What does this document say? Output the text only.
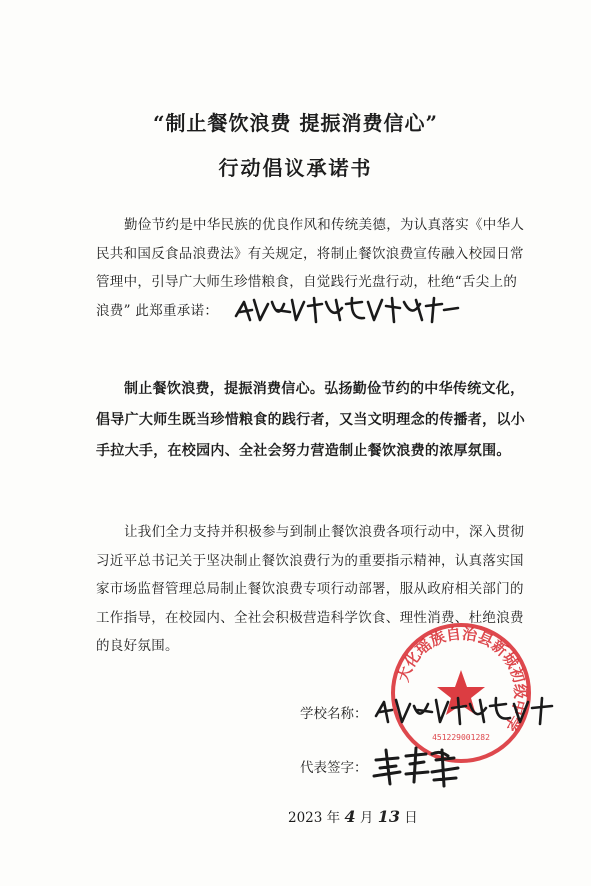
“制止餐饮浪费 提振消费信心”
行动倡议承诺书

勤俭节约是中华民族的优良作风和传统美德，为认真落实《中华人民共和国反食品浪费法》有关规定，将制止餐饮浪费宣传融入校园日常管理中，引导广大师生珍惜粮食，自觉践行光盘行动，杜绝“舌尖上的浪费” 此郑重承诺：

制止餐饮浪费，提振消费信心。弘扬勤俭节约的中华传统文化，倡导广大师生既当珍惜粮食的践行者，又当文明理念的传播者，以小手拉大手，在校园内、全社会努力营造制止餐饮浪费的浓厚氛围。

让我们全力支持并积极参与到制止餐饮浪费各项行动中，深入贯彻习近平总书记关于坚决制止餐饮浪费行为的重要指示精神，认真落实国家市场监督管理总局制止餐饮浪费专项行动部署，服从政府相关部门的工作指导，在校园内、全社会积极营造科学饮食、理性消费、杜绝浪费的良好氛围。

大化瑶族自治县新城初级中学
451229001282
学校名称：
代表签字：
2023 年 4 月 13 日
